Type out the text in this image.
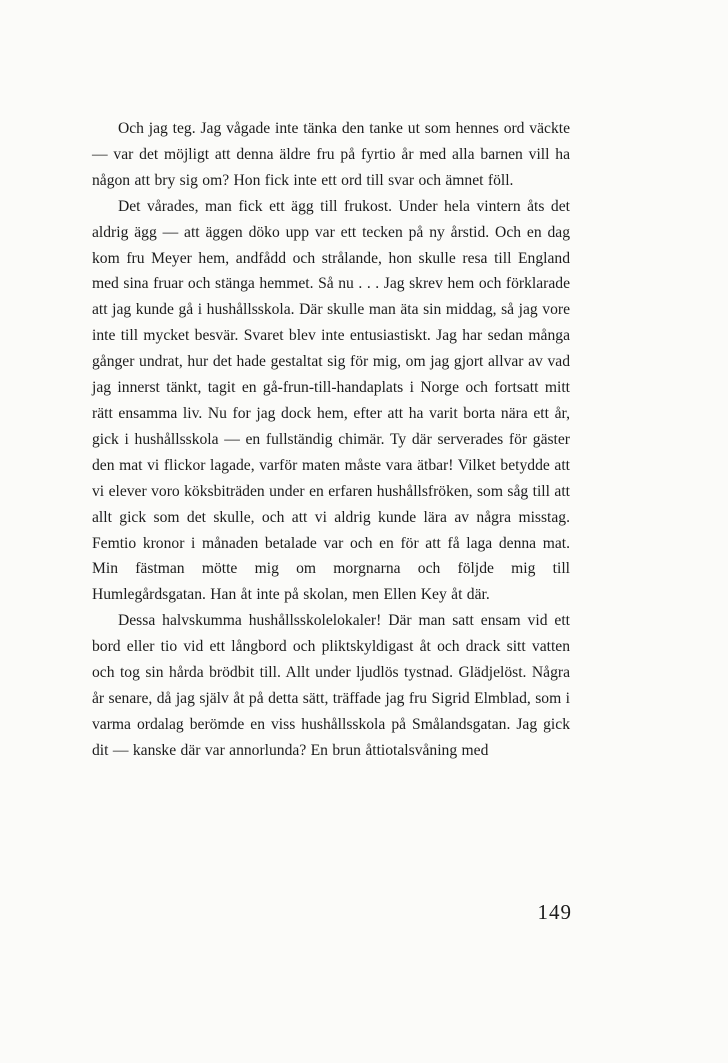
Och jag teg. Jag vågade inte tänka den tanke ut som hennes ord väckte — var det möjligt att denna äldre fru på fyrtio år med alla barnen vill ha någon att bry sig om? Hon fick inte ett ord till svar och ämnet föll.

Det vårades, man fick ett ägg till frukost. Under hela vintern åts det aldrig ägg — att äggen döko upp var ett tecken på ny årstid. Och en dag kom fru Meyer hem, andfådd och strålande, hon skulle resa till England med sina fruar och stänga hemmet. Så nu . . . Jag skrev hem och förklarade att jag kunde gå i hushållsskola. Där skulle man äta sin middag, så jag vore inte till mycket besvär. Svaret blev inte entusiastiskt. Jag har sedan många gånger undrat, hur det hade gestaltat sig för mig, om jag gjort allvar av vad jag innerst tänkt, tagit en gå-frun-till-handaplats i Norge och fortsatt mitt rätt ensamma liv. Nu for jag dock hem, efter att ha varit borta nära ett år, gick i hushållsskola — en fullständig chimär. Ty där serverades för gäster den mat vi flickor lagade, varför maten måste vara ätbar! Vilket betydde att vi elever voro köksbiträden under en erfaren hushållsfröken, som såg till att allt gick som det skulle, och att vi aldrig kunde lära av några misstag. Femtio kronor i månaden betalade var och en för att få laga denna mat. Min fästman mötte mig om morgnarna och följde mig till Humlegårdsgatan. Han åt inte på skolan, men Ellen Key åt där.

Dessa halvskumma hushållsskolelokaler! Där man satt ensam vid ett bord eller tio vid ett långbord och pliktskyldigast åt och drack sitt vatten och tog sin hårda brödbit till. Allt under ljudlös tystnad. Glädjelöst. Några år senare, då jag själv åt på detta sätt, träffade jag fru Sigrid Elmblad, som i varma ordalag berömde en viss hushållsskola på Smålandsgatan. Jag gick dit — kanske där var annorlunda? En brun åttiotalsvåning med

149
